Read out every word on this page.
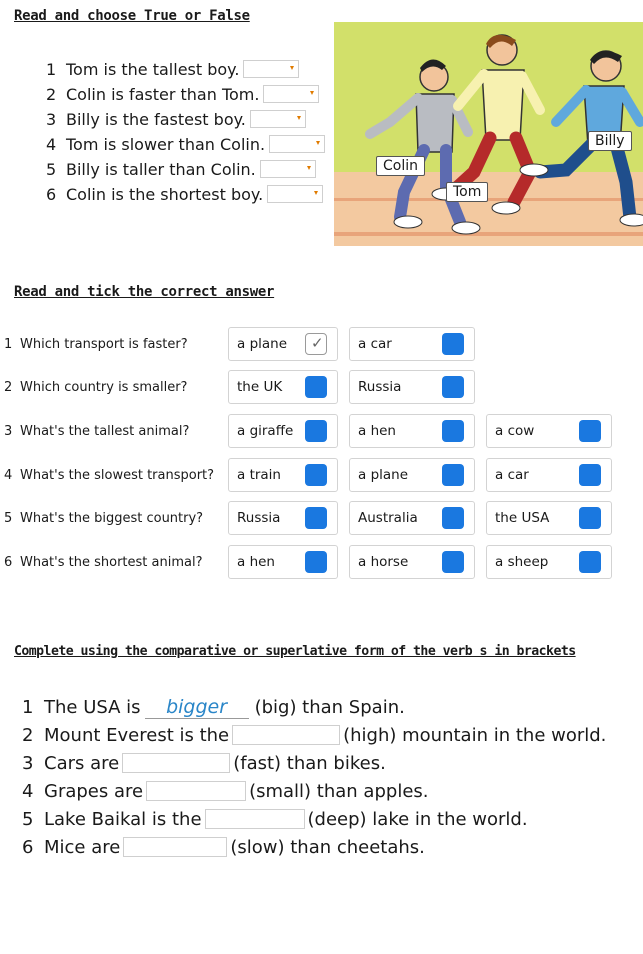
Read and choose True or False
1 Tom is the tallest boy.
2 Colin is faster than Tom.
3 Billy is the fastest boy.
4 Tom is slower than Colin.
5 Billy is taller than Colin.
6 Colin is the shortest boy.
Billy
Colin
Tom
Read and tick the correct answer
1 Which transport is faster?	a plane ✓	a car
2 Which country is smaller?	the UK	Russia
3 What's the tallest animal?	a giraffe	a hen	a cow
4 What's the slowest transport? a train	a plane	a car
5 What's the biggest country?	Russia	Australia	the USA
6 What's the shortest animal?	a hen	a horse	a sheep
Complete using the comparative or superlative form of the verb s in brackets
1 The USA is	bigger	(big) than Spain.
2 Mount Everest is the	(high) mountain in the world.
3 Cars are	(fast) than bikes.
4 Grapes are	(small) than apples.
5 Lake Baikal is the	(deep) lake in the world.
6 Mice are	(slow) than cheetahs.
